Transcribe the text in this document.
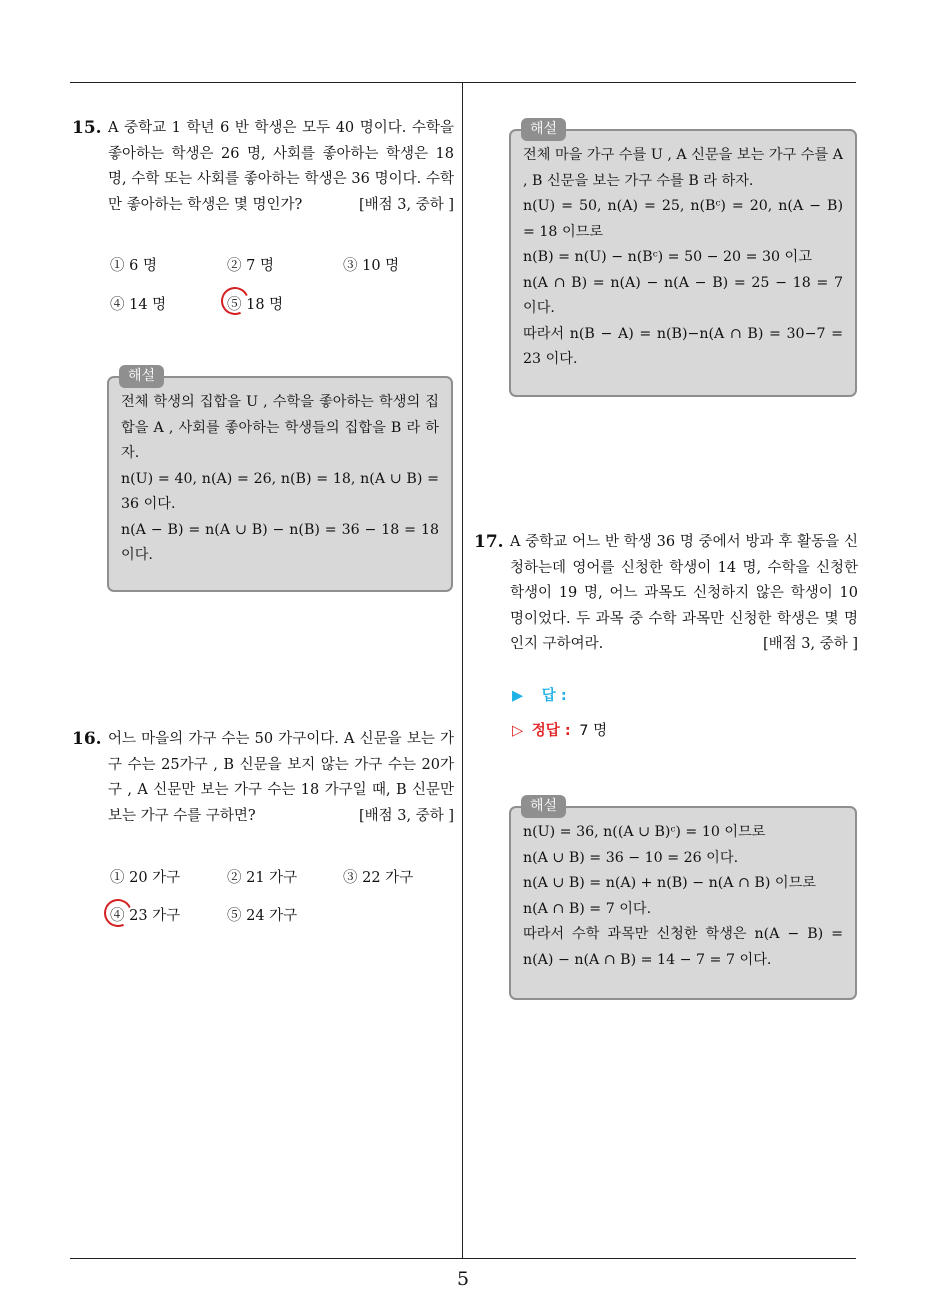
15. A 중학교 1 학년 6 반 학생은 모두 40 명이다. 수학을 좋아하는 학생은 26 명, 사회를 좋아하는 학생은 18 명, 수학 또는 사회를 좋아하는 학생은 36 명이다. 수학만 좋아하는 학생은 몇 명인가?	[배점 3, 중하 ]
① 6 명	② 7 명	③ 10 명
④ 14 명	⑤ 18 명
해설

전체 학생의 집합을 U , 수학을 좋아하는 학생의 집합을 A , 사회를 좋아하는 학생들의 집합을 B 라 하자.

n(U) = 40, n(A) = 26, n(B) = 18, n(A ∪ B) = 36 이다.

n(A − B) = n(A ∪ B) − n(B) = 36 − 18 = 18 이다.

16. 어느 마을의 가구 수는 50 가구이다. A 신문을 보는 가구 수는 25가구 , B 신문을 보지 않는 가구 수는 20가구 , A 신문만 보는 가구 수는 18 가구일 때, B 신문만 보는 가구 수를 구하면?	[배점 3, 중하 ]
① 20 가구	② 21 가구	③ 22 가구
④ 23 가구	⑤ 24 가구
해설

전체 마을 가구 수를 U , A 신문을 보는 가구 수를 A , B 신문을 보는 가구 수를 B 라 하자.

n(U) = 50, n(A) = 25, n(Bᶜ) = 20, n(A − B) = 18 이므로

n(B) = n(U) − n(Bᶜ) = 50 − 20 = 30 이고

n(A ∩ B) = n(A) − n(A − B) = 25 − 18 = 7 이다.

따라서 n(B − A) = n(B)−n(A ∩ B) = 30−7 = 23 이다.

17. A 중학교 어느 반 학생 36 명 중에서 방과 후 활동을 신청하는데 영어를 신청한 학생이 14 명, 수학을 신청한 학생이 19 명, 어느 과목도 신청하지 않은 학생이 10 명이었다. 두 과목 중 수학 과목만 신청한 학생은 몇 명인지 구하여라.	[배점 3, 중하 ]
▶ 답 :
▷ 정답 : 7 명
해설

n(U) = 36, n((A ∪ B)ᶜ) = 10 이므로

n(A ∪ B) = 36 − 10 = 26 이다.

n(A ∪ B) = n(A) + n(B) − n(A ∩ B) 이므로

n(A ∩ B) = 7 이다.

따라서 수학 과목만 신청한 학생은 n(A − B) = n(A) − n(A ∩ B) = 14 − 7 = 7 이다.

5
